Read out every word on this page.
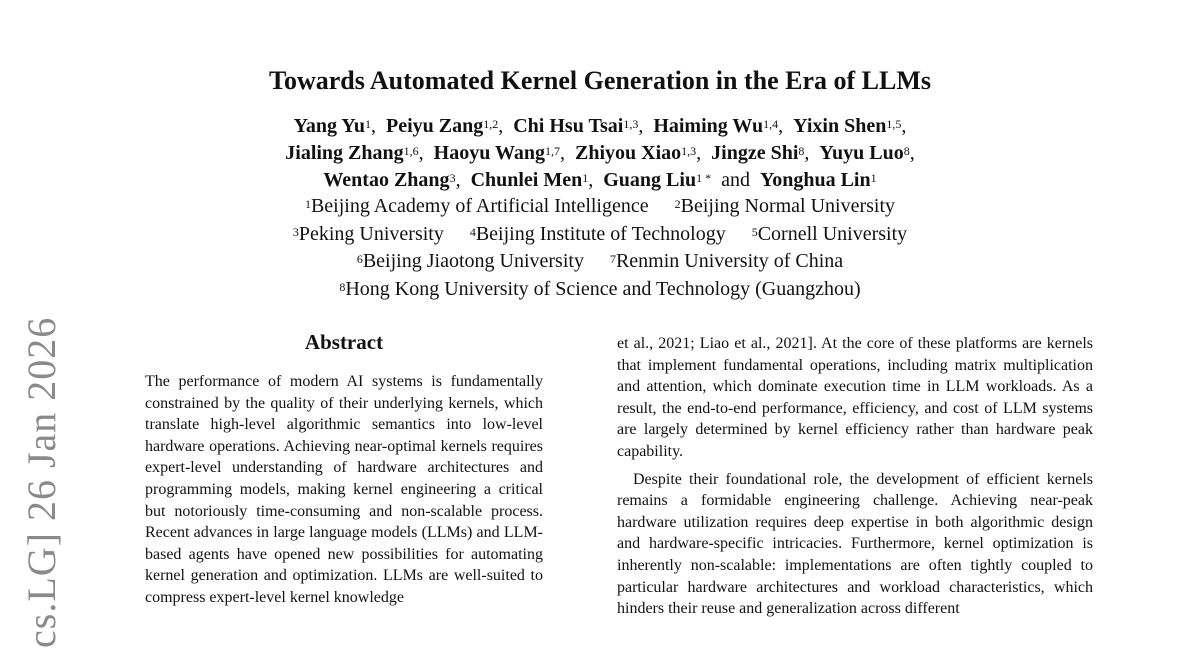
cs.LG] 26 Jan 2026
Towards Automated Kernel Generation in the Era of LLMs
Yang Yu$^1$,  Peiyu Zang$^{1,2}$,  Chi Hsu Tsai$^{1,3}$,  Haiming Wu$^{1,4}$,  Yixin Shen$^{1,5}$,
Jialing Zhang$^{1,6}$,  Haoyu Wang$^{1,7}$,  Zhiyou Xiao$^{1,3}$,  Jingze Shi$^8$,  Yuyu Luo$^8$,
Wentao Zhang$^3$,  Chunlei Men$^1$,  Guang Liu$^{1 *}$ and Yonghua Lin$^1$
$^1$Beijing Academy of Artificial Intelligence $^2$Beijing Normal University
$^3$Peking University $^4$Beijing Institute of Technology $^5$Cornell University
$^6$Beijing Jiaotong University $^7$Renmin University of China
$^8$Hong Kong University of Science and Technology (Guangzhou)
Abstract

The performance of modern AI systems is fundamentally constrained by the quality of their underlying kernels, which translate high-level algorithmic semantics into low-level hardware operations. Achieving near-optimal kernels requires expert-level understanding of hardware architectures and programming models, making kernel engineering a critical but notoriously time-consuming and non-scalable process. Recent advances in large language models (LLMs) and LLM-based agents have opened new possibilities for automating kernel generation and optimization. LLMs are well-suited to compress expert-level kernel knowledge

et al., 2021; Liao et al., 2021]. At the core of these platforms are kernels that implement fundamental operations, including matrix multiplication and attention, which dominate execution time in LLM workloads. As a result, the end-to-end performance, efficiency, and cost of LLM systems are largely determined by kernel efficiency rather than hardware peak capability.

Despite their foundational role, the development of efficient kernels remains a formidable engineering challenge. Achieving near-peak hardware utilization requires deep expertise in both algorithmic design and hardware-specific intricacies. Furthermore, kernel optimization is inherently non-scalable: implementations are often tightly coupled to particular hardware architectures and workload characteristics, which hinders their reuse and generalization across different
